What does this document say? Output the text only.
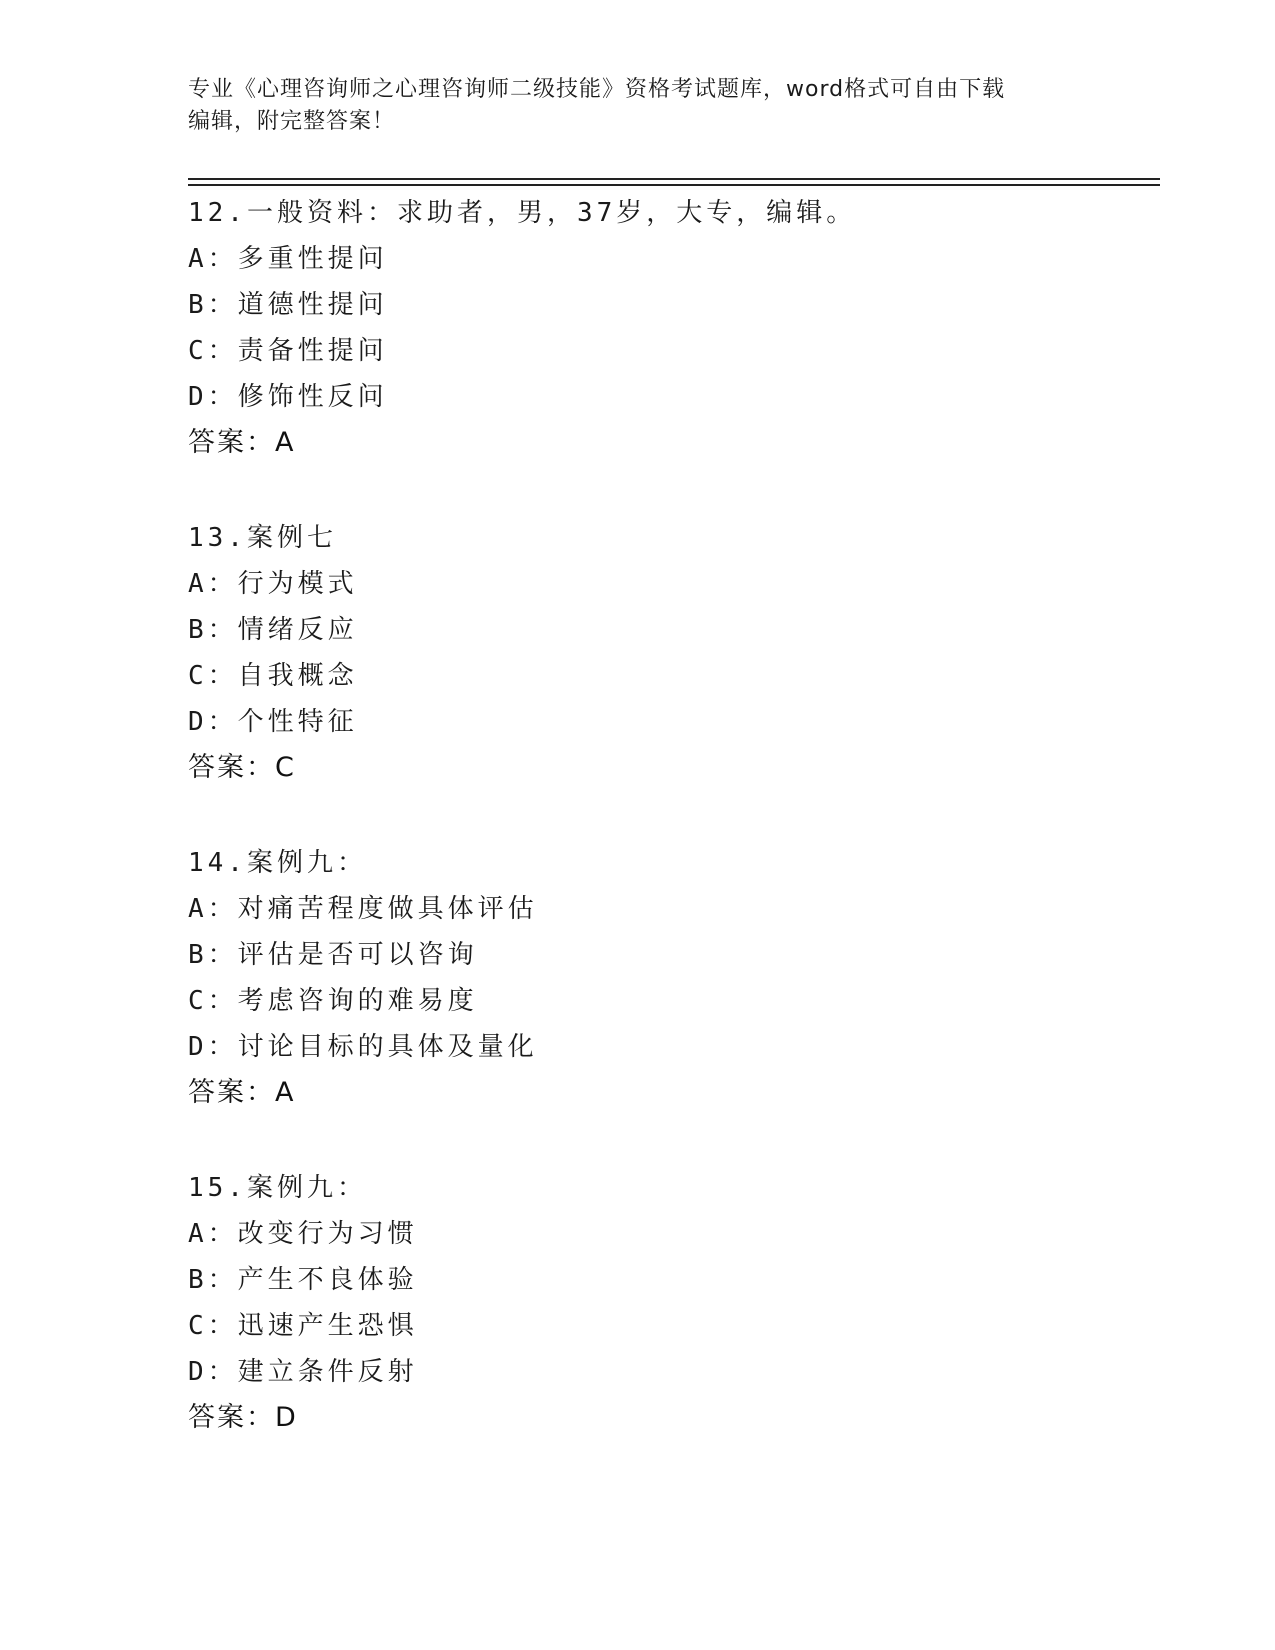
专业《心理咨询师之心理咨询师二级技能》资格考试题库，word格式可自由下载
编辑，附完整答案！
12.一般资料：求助者，男，37岁，大专，编辑。
A：多重性提问
B：道德性提问
C：责备性提问
D：修饰性反问
答案：A
13.案例七
A：行为模式
B：情绪反应
C：自我概念
D：个性特征
答案：C
14.案例九：
A：对痛苦程度做具体评估
B：评估是否可以咨询
C：考虑咨询的难易度
D：讨论目标的具体及量化
答案：A
15.案例九：
A：改变行为习惯
B：产生不良体验
C：迅速产生恐惧
D：建立条件反射
答案：D
